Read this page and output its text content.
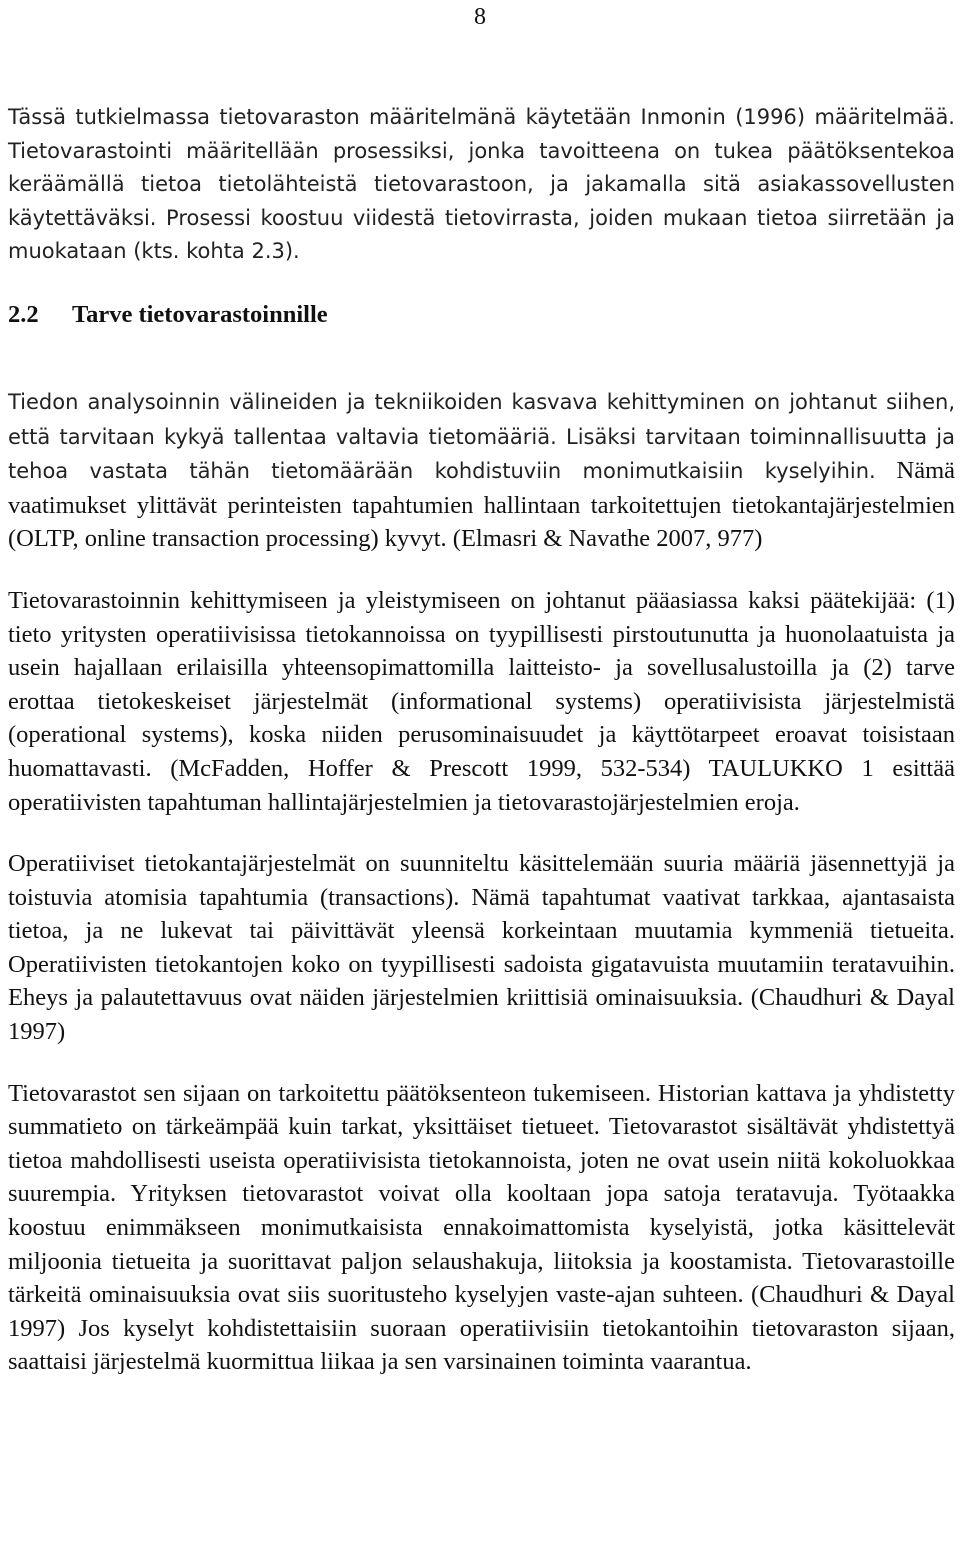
8

Tässä tutkielmassa tietovaraston määritelmänä käytetään Inmonin (1996) määritelmää. Tietovarastointi määritellään prosessiksi, jonka tavoitteena on tukea päätöksentekoa keräämällä tietoa tietolähteistä tietovarastoon, ja jakamalla sitä asiakassovellusten käytettäväksi. Prosessi koostuu viidestä tietovirrasta, joiden mukaan tietoa siirretään ja muokataan (kts. kohta 2.3).

2.2 Tarve tietovarastoinnille

Tiedon analysoinnin välineiden ja tekniikoiden kasvava kehittyminen on johtanut siihen, että tarvitaan kykyä tallentaa valtavia tietomääriä. Lisäksi tarvitaan toiminnallisuutta ja tehoa vastata tähän tietomäärään kohdistuviin monimutkaisiin kyselyihin. Nämä vaatimukset ylittävät perinteisten tapahtumien hallintaan tarkoitettujen tietokantajärjestelmien (OLTP, online transaction processing) kyvyt. (Elmasri & Navathe 2007, 977)

Tietovarastoinnin kehittymiseen ja yleistymiseen on johtanut pääasiassa kaksi päätekijää: (1) tieto yritysten operatiivisissa tietokannoissa on tyypillisesti pirstoutunutta ja huonolaatuista ja usein hajallaan erilaisilla yhteensopimattomilla laitteisto- ja sovellusalustoilla ja (2) tarve erottaa tietokeskeiset järjestelmät (informational systems) operatiivisista järjestelmistä (operational systems), koska niiden perusominaisuudet ja käyttötarpeet eroavat toisistaan huomattavasti. (McFadden, Hoffer & Prescott 1999, 532-534) TAULUKKO 1 esittää operatiivisten tapahtuman hallintajärjestelmien ja tietovarastojärjestelmien eroja.

Operatiiviset tietokantajärjestelmät on suunniteltu käsittelemään suuria määriä jäsennettyjä ja toistuvia atomisia tapahtumia (transactions). Nämä tapahtumat vaativat tarkkaa, ajantasaista tietoa, ja ne lukevat tai päivittävät yleensä korkeintaan muutamia kymmeniä tietueita. Operatiivisten tietokantojen koko on tyypillisesti sadoista gigatavuista muutamiin teratavuihin. Eheys ja palautettavuus ovat näiden järjestelmien kriittisiä ominaisuuksia. (Chaudhuri & Dayal 1997)

Tietovarastot sen sijaan on tarkoitettu päätöksenteon tukemiseen. Historian kattava ja yhdistetty summatieto on tärkeämpää kuin tarkat, yksittäiset tietueet. Tietovarastot sisältävät yhdistettyä tietoa mahdollisesti useista operatiivisista tietokannoista, joten ne ovat usein niitä kokoluokkaa suurempia. Yrityksen tietovarastot voivat olla kooltaan jopa satoja teratavuja. Työtaakka koostuu enimmäkseen monimutkaisista ennakoimattomista kyselyistä, jotka käsittelevät miljoonia tietueita ja suorittavat paljon selaushakuja, liitoksia ja koostamista. Tietovarastoille tärkeitä ominaisuuksia ovat siis suoritusteho kyselyjen vaste-ajan suhteen. (Chaudhuri & Dayal 1997) Jos kyselyt kohdistettaisiin suoraan operatiivisiin tietokantoihin tietovaraston sijaan, saattaisi järjestelmä kuormittua liikaa ja sen varsinainen toiminta vaarantua.
